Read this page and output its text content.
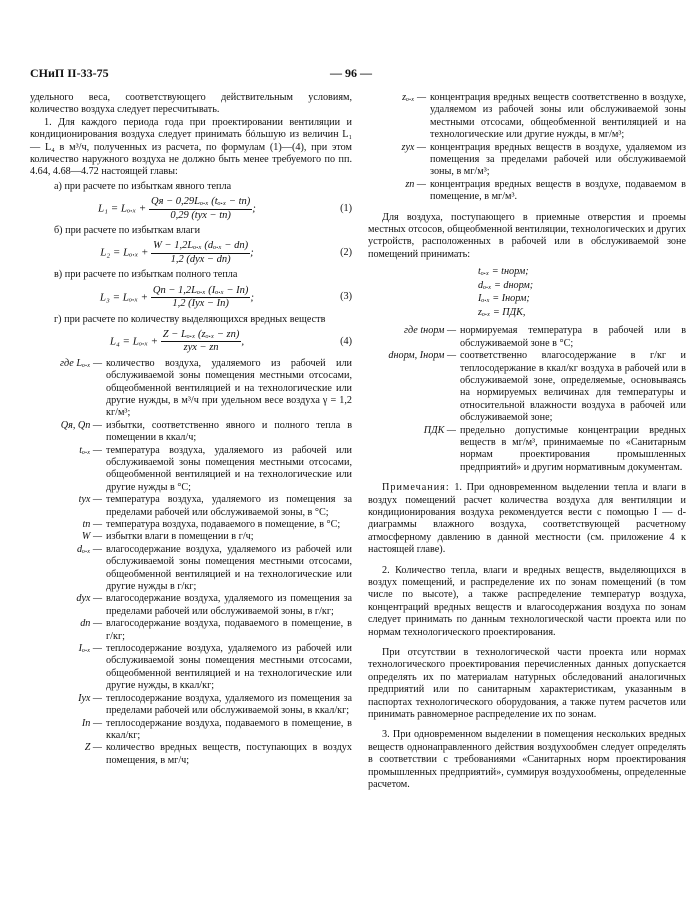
СНиП II-33-75	— 96 —

удельного веса, соответствующего действительным условиям, количество воздуха следует пересчитывать.

1. Для каждого периода года при проектировании вентиляции и кондиционирования воздуха следует принимать бóльшую из величин L₁ — L₄ в м³/ч, полученных из расчета, по формулам (1)—(4), при этом количество наружного воздуха не должно быть менее требуемого по пп. 4.64, 4.68—4.72 настоящей главы:

а) при расчете по избыткам явного тепла

$L_1 = L_o._x + \frac{\text{Qя − 0,29Lₒ.ₓ (tₒ.ₓ − tп)}}{\text{0,29 (tух − tп)}}$ ;	(1)

б) при расчете по избыткам влаги

$L_2 = L_o._x + \frac{\text{W − 1,2Lₒ.ₓ (dₒ.ₓ − dп)}}{\text{1,2 (dух − dп)}}$ ;	(2)

в) при расчете по избыткам полного тепла

$L_3 = L_o._x + \frac{\text{Qп − 1,2Lₒ.ₓ (Iₒ.ₓ − Iп)}}{\text{1,2 (Iух − Iп)}}$ ;	(3)

г) при расчете по количеству выделяющихся вредных веществ

$L_4 = L_o._x + \frac{\text{Z − Lₒ.ₓ (zₒ.ₓ − zп)}}{\text{zух − zп}}$ ,	(4)
где Lₒ.ₓ — количество воздуха, удаляемого из рабочей или обслуживаемой зоны помещения местными отсосами, общеобменной вентиляцией и на технологические или другие нужды, в м³/ч при удельном весе воздуха γ = 1,2 кг/м³;
Qя, Qп — избытки, соответственно явного и полного тепла в помещении в ккал/ч;
tₒ.ₓ — температура воздуха, удаляемого из рабочей или обслуживаемой зоны помещения местными отсосами, общеобменной вентиляцией и на технологические или другие нужды в °С;
tух — температура воздуха, удаляемого из помещения за пределами рабочей или обслуживаемой зоны, в °С;
tп — температура воздуха, подаваемого в помещение, в °С;
W — избытки влаги в помещении в г/ч;
dₒ.ₓ — влагосодержание воздуха, удаляемого из рабочей или обслуживаемой зоны помещения местными отсосами, общеобменной вентиляцией и на технологические или другие нужды в г/кг;
dух — влагосодержание воздуха, удаляемого из помещения за пределами рабочей или обслуживаемой зоны, в г/кг;
dп — влагосодержание воздуха, подаваемого в помещение, в г/кг;
Iₒ.ₓ — теплосодержание воздуха, удаляемого из рабочей или обслуживаемой зоны помещения местными отсосами, общеобменной вентиляцией и на технологические или другие нужды, в ккал/кг;
Iух — теплосодержание воздуха, удаляемого из помещения за пределами рабочей или обслуживаемой зоны, в ккал/кг;
Iп — теплосодержание воздуха, подаваемого в помещение, в ккал/кг;
Z — количество вредных веществ, поступающих в воздух помещения, в мг/ч;
zₒ.ₓ — концентрация вредных веществ соответственно в воздухе, удаляемом из рабочей зоны или обслуживаемой зоны местными отсосами, общеобменной вентиляцией и на технологические или другие нужды, в мг/м³;
zух — концентрация вредных веществ в воздухе, удаляемом из помещения за пределами рабочей или обслуживаемой зоны, в мг/м³;
zп — концентрация вредных веществ в воздухе, подаваемом в помещение, в мг/м³.

Для воздуха, поступающего в приемные отверстия и проемы местных отсосов, общеобменной вентиляции, технологических и других устройств, расположенных в рабочей или в обслуживаемой зоне помещений принимать:

tₒ.ₓ = tнорм;
dₒ.ₓ = dнорм;
Iₒ.ₓ = Iнорм;
zₒ.ₓ = ПДК,
где tнорм — нормируемая температура в рабочей или в обслуживаемой зоне в °С;
dнорм, Iнорм — соответственно влагосодержание в г/кг и теплосодержание в ккал/кг воздуха в рабочей или в обслуживаемой зоне, определяемые, основываясь на нормируемых величинах для температуры и относительной влажности воздуха в рабочей или обслуживаемой зоне;
ПДК — предельно допустимые концентрации вредных веществ в мг/м³, принимаемые по «Санитарным нормам проектирования промышленных предприятий» и другим нормативным документам.

Примечания: 1. При одновременном выделении тепла и влаги в воздух помещений расчет количества воздуха для вентиляции и кондиционирования воздуха рекомендуется вести с помощью I — d-диаграммы влажного воздуха, соответствующей расчетному атмосферному давлению в данной местности (см. приложение 4 к настоящей главе).

2. Количество тепла, влаги и вредных веществ, выделяющихся в воздух помещений, и распределение их по зонам помещений (в том числе по высоте), а также распределение температур воздуха, концентраций вредных веществ и влагосодержания воздуха по зонам следует принимать по данным технологической части проекта или по нормам технологического проектирования.

При отсутствии в технологической части проекта или нормах технологического проектирования перечисленных данных допускается определять их по материалам натурных обследований аналогичных предприятий или по санитарным характеристикам, указанным в паспортах технологического оборудования, а также путем расчетов или принимать равномерное распределение их по зонам.

3. При одновременном выделении в помещения нескольких вредных веществ однонаправленного действия воздухообмен следует определять в соответствии с требованиями «Санитарных норм проектирования промышленных предприятий», суммируя воздухообмены, определенные расчетом.
